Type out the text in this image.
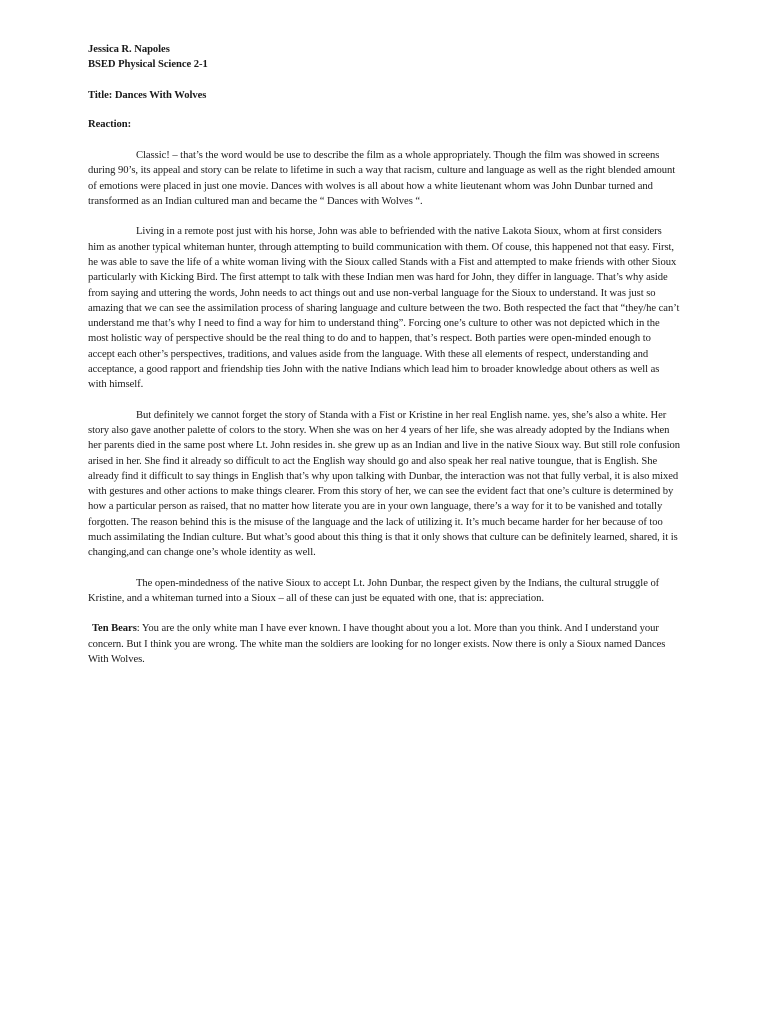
Jessica R. Napoles

BSED Physical Science 2-1

Title: Dances With Wolves

Reaction:

Classic! – that’s the word would be use to describe the film as a whole appropriately. Though the film was showed in screens during 90’s, its appeal and story can be relate to lifetime in such a way that racism, culture and language as well as the right blended amount of emotions were placed in just one movie. Dances with wolves is all about how a white lieutenant whom was John Dunbar turned and transformed as an Indian cultured man and became the “ Dances with Wolves “.

Living in a remote post just with his horse, John was able to befriended with the native Lakota Sioux, whom at first considers him as another typical whiteman hunter, through attempting to build communication with them. Of couse, this happened not that easy. First, he was able to save the life of a white woman living with the Sioux called Stands with a Fist and attempted to make friends with other Sioux particularly with Kicking Bird. The first attempt to talk with these Indian men was hard for John, they differ in language. That’s why aside from saying and uttering the words, John needs to act things out and use non-verbal language for the Sioux to understand. It was just so amazing that we can see the assimilation process of sharing language and culture between the two. Both respected the fact that “they/he can’t understand me that’s why I need to find a way for him to understand thing”. Forcing one’s culture to other was not depicted which in the most holistic way of perspective should be the real thing to do and to happen, that’s respect. Both parties were open-minded enough to accept each other’s perspectives, traditions, and values aside from the language. With these all elements of respect, understanding and acceptance, a good rapport and friendship ties John with the native Indians which lead him to broader knowledge about others as well as with himself.

But definitely we cannot forget the story of Standa with a Fist or Kristine in her real English name. yes, she’s also a white. Her story also gave another palette of colors to the story. When she was on her 4 years of her life, she was already adopted by the Indians when her parents died in the same post where Lt. John resides in. she grew up as an Indian and live in the native Sioux way. But still role confusion arised in her. She find it already so difficult to act the English way should go and also speak her real native toungue, that is English. She already find it difficult to say things in English that’s why upon talking with Dunbar, the interaction was not that fully verbal, it is also mixed with gestures and other actions to make things clearer. From this story of her, we can see the evident fact that one’s culture is determined by how a particular person as raised, that no matter how literate you are in your own language, there’s a way for it to be vanished and totally forgotten. The reason behind this is the misuse of the language and the lack of utilizing it. It’s much became harder for her because of too much assimilating the Indian culture. But what’s good about this thing is that it only shows that culture can be definitely learned, shared, it is changing,and can change one’s whole identity as well.

The open-mindedness of the native Sioux to accept Lt. John Dunbar, the respect given by the Indians, the cultural struggle of Kristine, and a whiteman turned into a Sioux – all of these can just be equated with one, that is: appreciation.

Ten Bears: You are the only white man I have ever known. I have thought about you a lot. More than you think. And I understand your concern. But I think you are wrong. The white man the soldiers are looking for no longer exists. Now there is only a Sioux named Dances With Wolves.
